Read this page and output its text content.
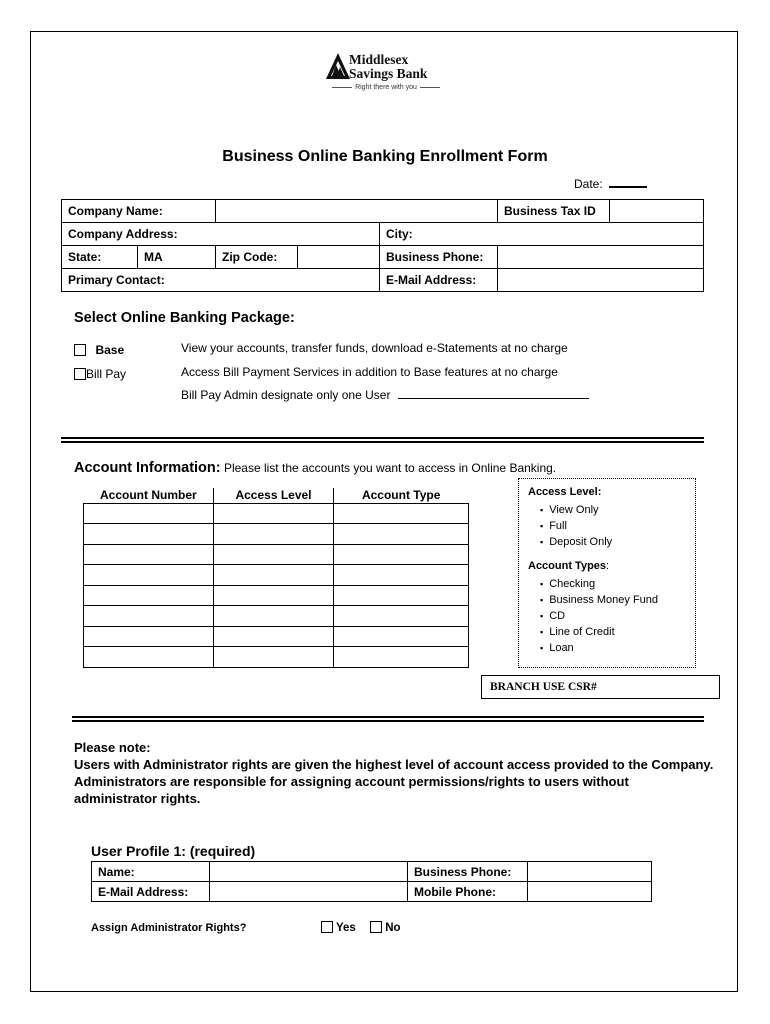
Middlesex
Savings Bank
Right there with you
Business Online Banking Enrollment Form
Date:
Company Name:					Business Tax ID	
Company Address:				City:		
State:	MA	Zip Code:		Business Phone:		
Primary Contact:				E-Mail Address:		
Select Online Banking Package:
Base	View your accounts, transfer funds, download e-Statements at no charge
Bill Pay	Access Bill Payment Services in addition to Base features at no charge
Bill Pay Admin designate only one User
Account Information: Please list the accounts you want to access in Online Banking.
Account Number	Access Level	Account Type

			Access Level:
▪ View Only
▪ Full
▪ Deposit Only
Account Types:
▪ Checking
▪ Business Money Fund
▪ CD
▪ Line of Credit
▪ Loan
BRANCH USE CSR#
Please note:
Users with Administrator rights are given the highest level of account access provided to the Company. Administrators are responsible for assigning account permissions/rights to users without administrator rights.
User Profile 1: (required)
Name:		Business Phone:	
E-Mail Address:		Mobile Phone:	
Assign Administrator Rights?	Yes	No
